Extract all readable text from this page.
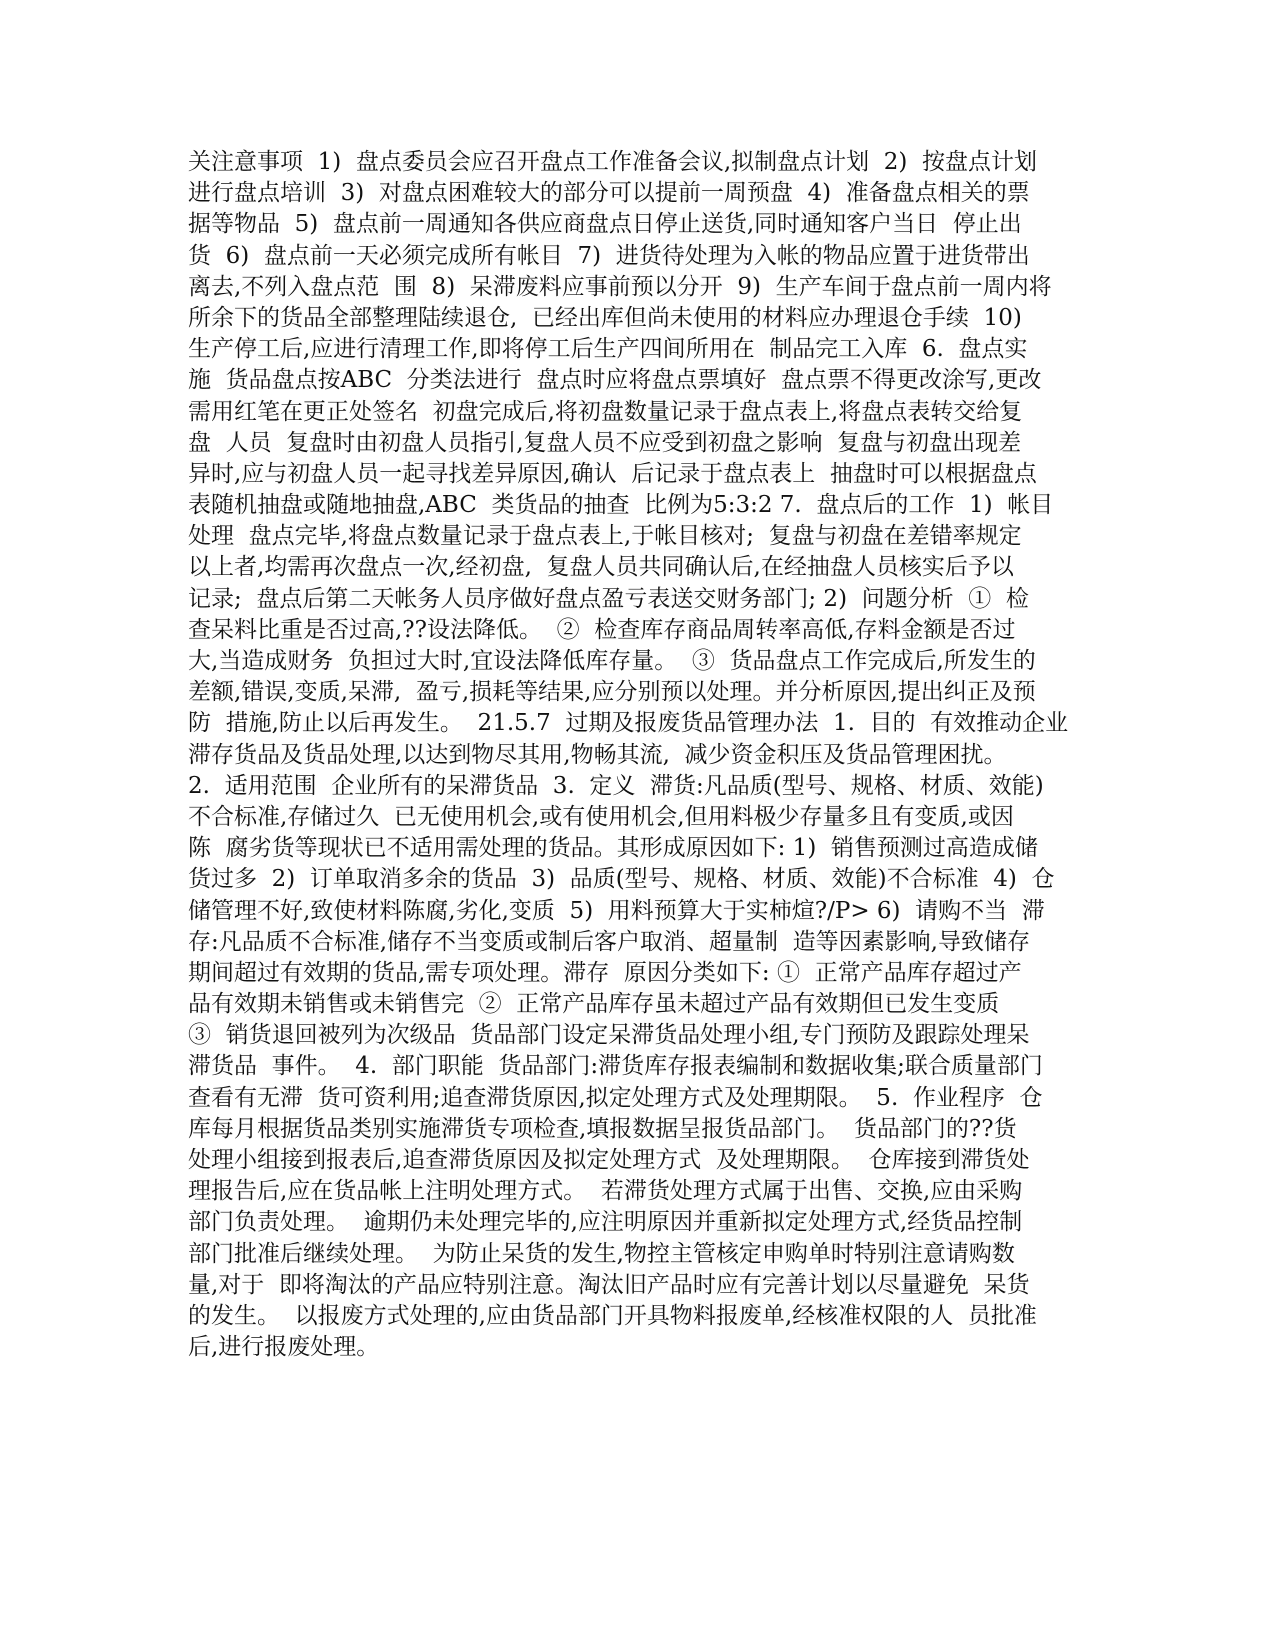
关注意事项  1)  盘点委员会应召开盘点工作准备会议,拟制盘点计划  2)  按盘点计划
进行盘点培训  3)  对盘点困难较大的部分可以提前一周预盘  4)  准备盘点相关的票
据等物品  5)  盘点前一周通知各供应商盘点日停止送货,同时通知客户当日  停止出
货  6)  盘点前一天必须完成所有帐目  7)  进货待处理为入帐的物品应置于进货带出
离去,不列入盘点范  围  8)  呆滞废料应事前预以分开  9)  生产车间于盘点前一周内将
所余下的货品全部整理陆续退仓,  已经出库但尚未使用的材料应办理退仓手续  10)
生产停工后,应进行清理工作,即将停工后生产四间所用在  制品完工入库  6.  盘点实
施  货品盘点按ABC  分类法进行  盘点时应将盘点票填好  盘点票不得更改涂写,更改
需用红笔在更正处签名  初盘完成后,将初盘数量记录于盘点表上,将盘点表转交给复
盘  人员  复盘时由初盘人员指引,复盘人员不应受到初盘之影响  复盘与初盘出现差
异时,应与初盘人员一起寻找差异原因,确认  后记录于盘点表上  抽盘时可以根据盘点
表随机抽盘或随地抽盘,ABC  类货品的抽查  比例为5:3:2 7.  盘点后的工作  1)  帐目
处理  盘点完毕,将盘点数量记录于盘点表上,于帐目核对;  复盘与初盘在差错率规定
以上者,均需再次盘点一次,经初盘,  复盘人员共同确认后,在经抽盘人员核实后予以
记录;  盘点后第二天帐务人员序做好盘点盈亏表送交财务部门; 2)  问题分析  ①  检
查呆料比重是否过高,??设法降低。  ②  检查库存商品周转率高低,存料金额是否过
大,当造成财务  负担过大时,宜设法降低库存量。  ③  货品盘点工作完成后,所发生的
差额,错误,变质,呆滞,  盈亏,损耗等结果,应分别预以处理。并分析原因,提出纠正及预
防  措施,防止以后再发生。  21.5.7  过期及报废货品管理办法  1.  目的  有效推动企业
滞存货品及货品处理,以达到物尽其用,物畅其流,  减少资金积压及货品管理困扰。
2.  适用范围  企业所有的呆滞货品  3.  定义  滞货:凡品质(型号、规格、材质、效能)
不合标准,存储过久  已无使用机会,或有使用机会,但用料极少存量多且有变质,或因
陈  腐劣货等现状已不适用需处理的货品。其形成原因如下: 1)  销售预测过高造成储
货过多  2)  订单取消多余的货品  3)  品质(型号、规格、材质、效能)不合标准  4)  仓
储管理不好,致使材料陈腐,劣化,变质  5)  用料预算大于实柿煊?/P> 6)  请购不当  滞
存:凡品质不合标准,储存不当变质或制后客户取消、超量制  造等因素影响,导致储存
期间超过有效期的货品,需专项处理。滞存  原因分类如下: ①  正常产品库存超过产
品有效期未销售或未销售完  ②  正常产品库存虽未超过产品有效期但已发生变质
③  销货退回被列为次级品  货品部门设定呆滞货品处理小组,专门预防及跟踪处理呆
滞货品  事件。  4.  部门职能  货品部门:滞货库存报表编制和数据收集;联合质量部门
查看有无滞  货可资利用;追查滞货原因,拟定处理方式及处理期限。  5.  作业程序  仓
库每月根据货品类别实施滞货专项检查,填报数据呈报货品部门。  货品部门的??货
处理小组接到报表后,追查滞货原因及拟定处理方式  及处理期限。  仓库接到滞货处
理报告后,应在货品帐上注明处理方式。  若滞货处理方式属于出售、交换,应由采购
部门负责处理。  逾期仍未处理完毕的,应注明原因并重新拟定处理方式,经货品控制
部门批准后继续处理。  为防止呆货的发生,物控主管核定申购单时特别注意请购数
量,对于  即将淘汰的产品应特别注意。淘汰旧产品时应有完善计划以尽量避免  呆货
的发生。  以报废方式处理的,应由货品部门开具物料报废单,经核准权限的人  员批准
后,进行报废处理。
